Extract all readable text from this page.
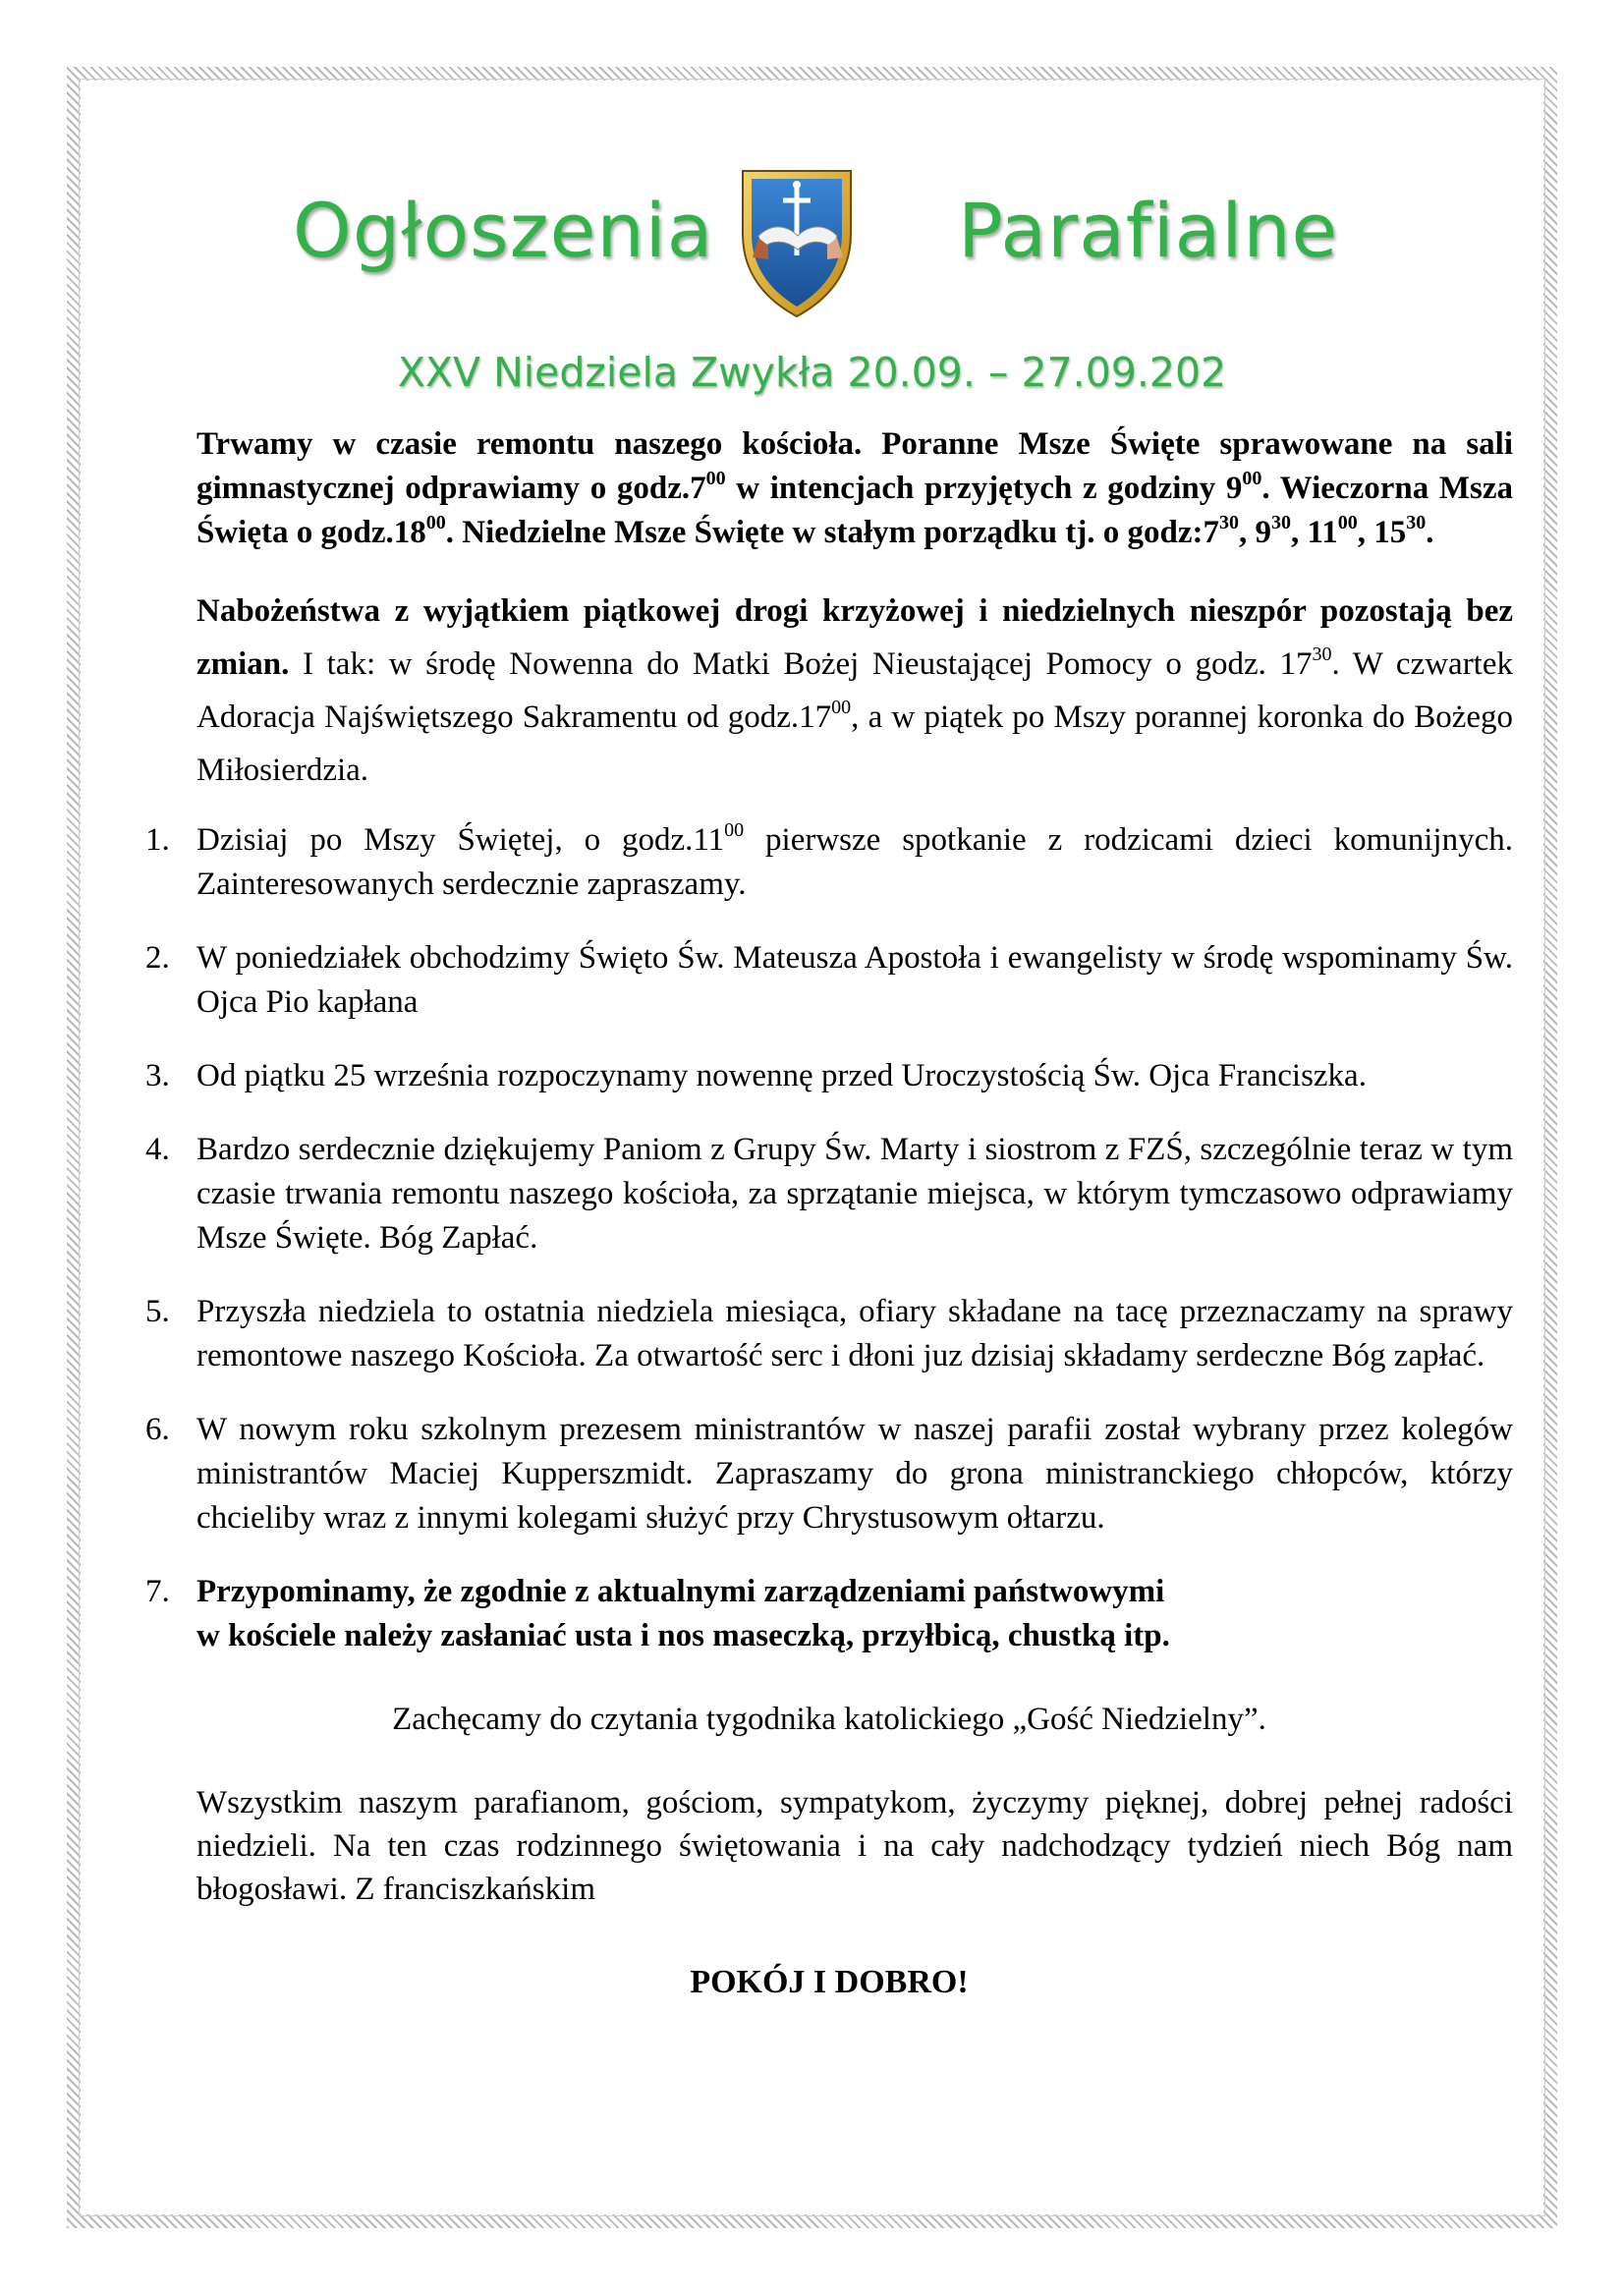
Ogłoszenia	Parafialne
XXV Niedziela Zwykła 20.09. – 27.09.202

Trwamy w czasie remontu naszego kościoła. Poranne Msze Święte sprawowane na sali gimnastycznej odprawiamy o $godz.7^{00}$ w intencjach przyjętych z godziny $9^{00}$. Wieczorna Msza Święta o $godz.18^{00}$. Niedzielne Msze Święte w stałym porządku tj. o $godz:7^{30}$, $9^{30}$, $11^{00}$, $15^{30}$.

Nabożeństwa z wyjątkiem piątkowej drogi krzyżowej i niedzielnych nieszpór pozostają bez zmian. I tak: w środę Nowenna do Matki Bożej Nieustającej Pomocy o godz. $17^{30}$. W czwartek Adoracja Najświętszego Sakramentu od $godz.17^{00}$, a w piątek po Mszy porannej koronka do Bożego Miłosierdzia.

1. Dzisiaj po Mszy Świętej, o $godz.11^{00}$ pierwsze spotkanie z rodzicami dzieci komunijnych. Zainteresowanych serdecznie zapraszamy.
2. W poniedziałek obchodzimy Święto Św. Mateusza Apostoła i ewangelisty w środę wspominamy Św. Ojca Pio kapłana
3. Od piątku 25 września rozpoczynamy nowennę przed Uroczystością Św. Ojca Franciszka.
4. Bardzo serdecznie dziękujemy Paniom z Grupy Św. Marty i siostrom z FZŚ, szczególnie teraz w tym czasie trwania remontu naszego kościoła, za sprzątanie miejsca, w którym tymczasowo odprawiamy Msze Święte. Bóg Zapłać.
5. Przyszła niedziela to ostatnia niedziela miesiąca, ofiary składane na tacę przeznaczamy na sprawy remontowe naszego Kościoła. Za otwartość serc i dłoni juz dzisiaj składamy serdeczne Bóg zapłać.
6. W nowym roku szkolnym prezesem ministrantów w naszej parafii został wybrany przez kolegów ministrantów Maciej Kupperszmidt. Zapraszamy do grona ministranckiego chłopców, którzy chcieliby wraz z innymi kolegami służyć przy Chrystusowym ołtarzu.
7. Przypominamy, że zgodnie z aktualnymi zarządzeniami państwowymi
w kościele należy zasłaniać usta i nos maseczką, przyłbicą, chustką itp.
Zachęcamy do czytania tygodnika katolickiego „Gość Niedzielny”.
Wszystkim naszym parafianom, gościom, sympatykom, życzymy pięknej, dobrej pełnej radości niedzieli. Na ten czas rodzinnego świętowania i na cały nadchodzący tydzień niech Bóg nam błogosławi. Z franciszkańskim
POKÓJ I DOBRO!
